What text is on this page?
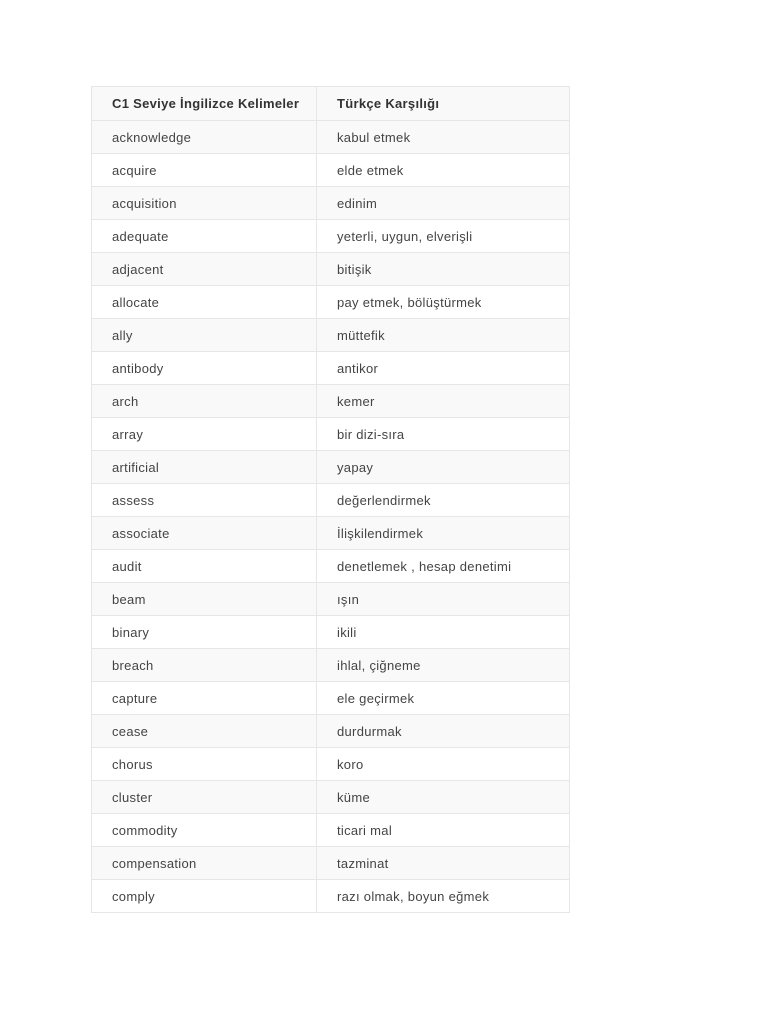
C1 Seviye İngilizce Kelimeler	Türkçe Karşılığı
acknowledge	kabul etmek
acquire	elde etmek
acquisition	edinim
adequate	yeterli, uygun, elverişli
adjacent	bitişik
allocate	pay etmek, bölüştürmek
ally	müttefik
antibody	antikor
arch	kemer
array	bir dizi-sıra
artificial	yapay
assess	değerlendirmek
associate	İlişkilendirmek
audit	denetlemek , hesap denetimi
beam	ışın
binary	ikili
breach	ihlal, çiğneme
capture	ele geçirmek
cease	durdurmak
chorus	koro
cluster	küme
commodity	ticari mal
compensation	tazminat
comply	razı olmak, boyun eğmek
